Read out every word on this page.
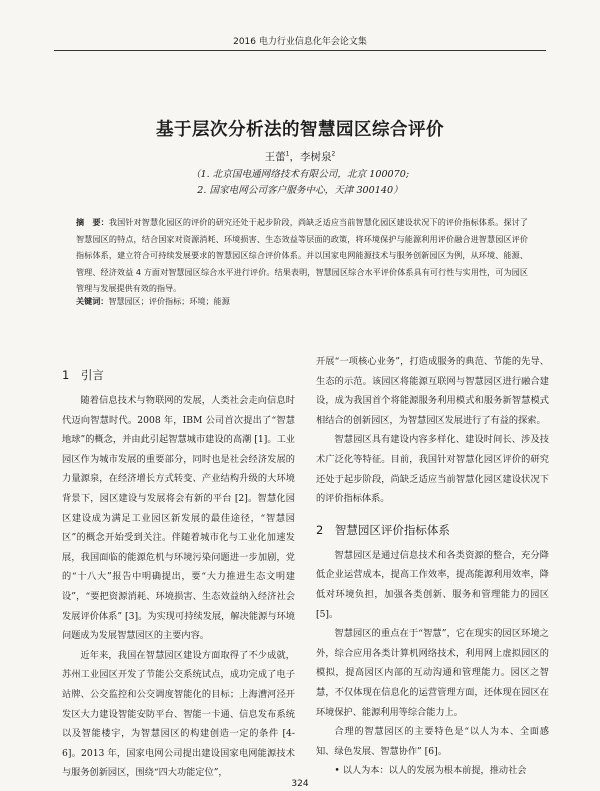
2016 电力行业信息化年会论文集
基于层次分析法的智慧园区综合评价
王蕾$^1$，李树泉$^2$
（1. 北京国电通网络技术有限公司，北京 100070;
2. 国家电网公司客户服务中心，天津 300140）
摘　要：我国针对智慧化园区的评价的研究还处于起步阶段，尚缺乏适应当前智慧化园区建设状况下的评价指标体系。探讨了智慧园区的特点，结合国家对资源消耗、环境损害、生态效益等层面的政策，将环境保护与能源利用评价融合进智慧园区评价指标体系，建立符合可持续发展要求的智慧园区综合评价体系。并以国家电网能源技术与服务创新园区为例，从环境、能源、管理、经济效益 4 方面对智慧园区综合水平进行评价。结果表明，智慧园区综合水平评价体系具有可行性与实用性，可为园区管理与发展提供有效的指导。
关键词：智慧园区；评价指标；环境；能源
1　引言

随着信息技术与物联网的发展，人类社会走向信息时代迈向智慧时代。2008 年，IBM 公司首次提出了“智慧地球”的概念，并由此引起智慧城市建设的高潮 [1]。工业园区作为城市发展的重要部分，同时也是社会经济发展的力量源泉，在经济增长方式转变、产业结构升级的大环境背景下，园区建设与发展将会有新的平台 [2]。智慧化园区建设成为满足工业园区新发展的最佳途径，“智慧园区”的概念开始受到关注。伴随着城市化与工业化加速发展，我国面临的能源危机与环境污染问题进一步加剧，党的“十八大”报告中明确提出，要“大力推进生态文明建设”，“要把资源消耗、环境损害、生态效益纳入经济社会发展评价体系” [3]。为实现可持续发展，解决能源与环境问题成为发展智慧园区的主要内容。

近年来，我国在智慧园区建设方面取得了不少成就，苏州工业园区开发了节能公交系统试点，成功完成了电子站牌、公交监控和公交调度智能化的目标；上海漕河泾开发区大力建设智能安防平台、智能一卡通、信息发布系统以及智能楼宇，为智慧园区的构建创造一定的条件 [4-6]。2013 年，国家电网公司提出建设国家电网能源技术与服务创新园区，围绕“四大功能定位”，

开展“一项核心业务”，打造成服务的典范、节能的先导、生态的示范。该园区将能源互联网与智慧园区进行融合建设，成为我国首个将能源服务利用模式和服务新智慧模式相结合的创新园区，为智慧园区发展进行了有益的探索。

智慧园区具有建设内容多样化、建设时间长、涉及技术广泛化等特征。目前，我国针对智慧化园区评价的研究还处于起步阶段，尚缺乏适应当前智慧化园区建设状况下的评价指标体系。

2　智慧园区评价指标体系

智慧园区是通过信息技术和各类资源的整合，充分降低企业运营成本，提高工作效率，提高能源利用效率，降低对环境负担，加强各类创新、服务和管理能力的园区 [5]。

智慧园区的重点在于“智慧”，它在现实的园区环境之外，综合应用各类计算机网络技术，利用网上虚拟园区的模拟，提高园区内部的互动沟通和管理能力。园区之智慧，不仅体现在信息化的运营管理方面，还体现在园区在环境保护、能源利用等综合能力上。

合理的智慧园区的主要特色是“以人为本、全面感知、绿色发展、智慧协作” [6]。

• 以人为本：以人的发展为根本前提，推动社会

324
